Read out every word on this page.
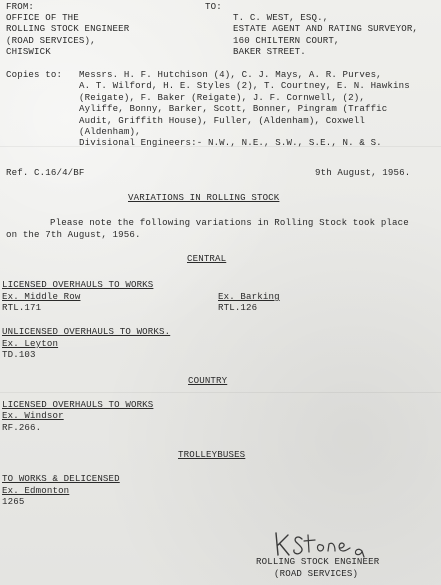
FROM:
OFFICE OF THE
ROLLING STOCK ENGINEER
(ROAD SERVICES),
CHISWICK
TO:
T. C. WEST, ESQ.,
ESTATE AGENT AND RATING SURVEYOR,
160 CHILTERN COURT,
BAKER STREET.
Copies to: Messrs. H. F. Hutchison (4), C. J. Mays, A. R. Purves,
A. T. Wilford, H. E. Styles (2), T. Courtney, E. N. Hawkins
(Reigate), F. Baker (Reigate), J. F. Cornwell, (2),
Ayliffe, Bonny, Barker, Scott, Bonner, Pingram (Traffic
Audit, Griffith House), Fuller, (Aldenham), Coxwell
(Aldenham),
Divisional Engineers:- N.W., N.E., S.W., S.E., N. & S.
Ref. C.16/4/BF	9th August, 1956.
VARIATIONS IN ROLLING STOCK
Please note the following variations in Rolling Stock took place
on the 7th August, 1956.
CENTRAL
LICENSED OVERHAULS TO WORKS
Ex. Middle Row
RTL.171
Ex. Barking
RTL.126
UNLICENSED OVERHAULS TO WORKS.
Ex. Leyton
TD.103
COUNTRY
LICENSED OVERHAULS TO WORKS
Ex. Windsor
RF.266.
TROLLEYBUSES
TO WORKS & DELICENSED
Ex. Edmonton
1265
ROLLING STOCK ENGINEER
(ROAD SERVICES)
